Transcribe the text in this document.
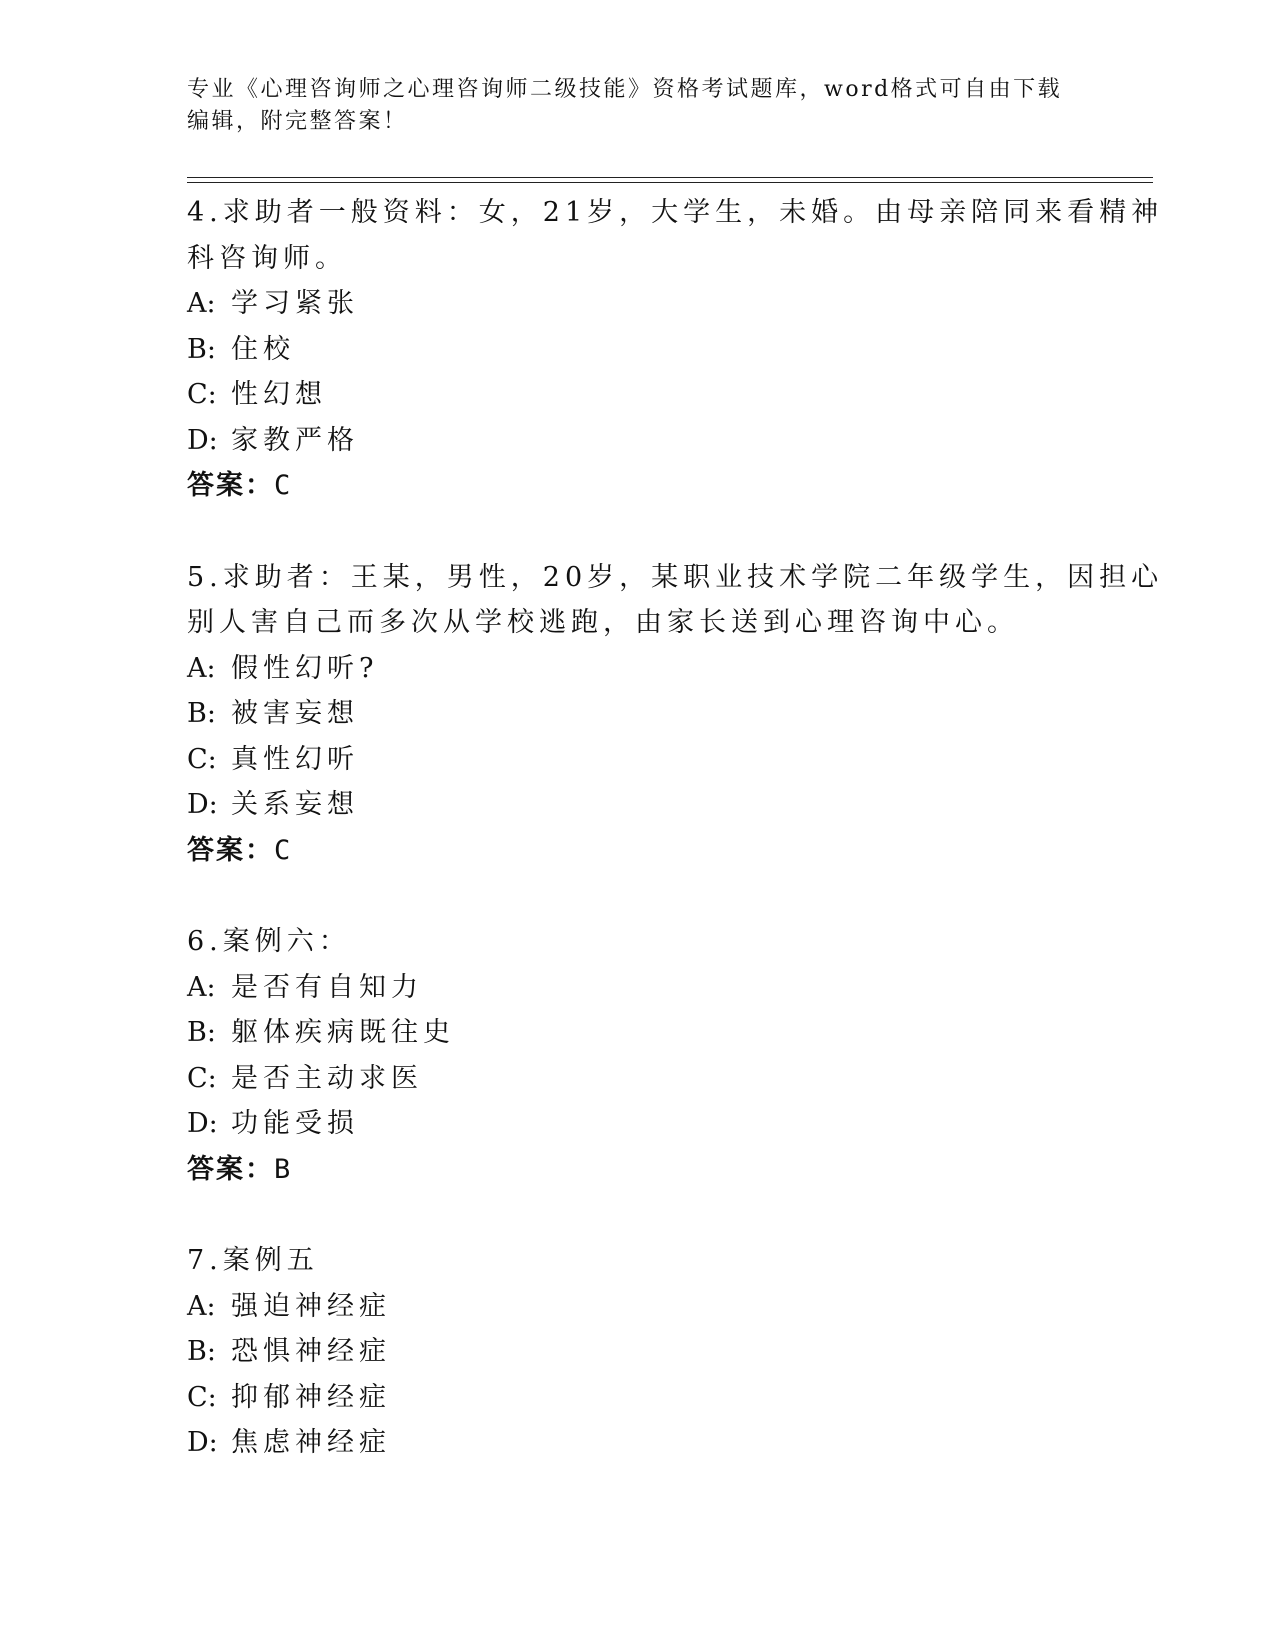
专业《心理咨询师之心理咨询师二级技能》资格考试题库，word格式可自由下载
编辑，附完整答案！
4.求助者一般资料：女，21岁，大学生，未婚。由母亲陪同来看精神
科咨询师。
A: 学习紧张
B: 住校
C: 性幻想
D: 家教严格
答案：C
5.求助者：王某，男性，20岁，某职业技术学院二年级学生，因担心
别人害自己而多次从学校逃跑，由家长送到心理咨询中心。
A: 假性幻听?
B: 被害妄想
C: 真性幻听
D: 关系妄想
答案：C
6.案例六：
A: 是否有自知力
B: 躯体疾病既往史
C: 是否主动求医
D: 功能受损
答案：B
7.案例五
A: 强迫神经症
B: 恐惧神经症
C: 抑郁神经症
D: 焦虑神经症
